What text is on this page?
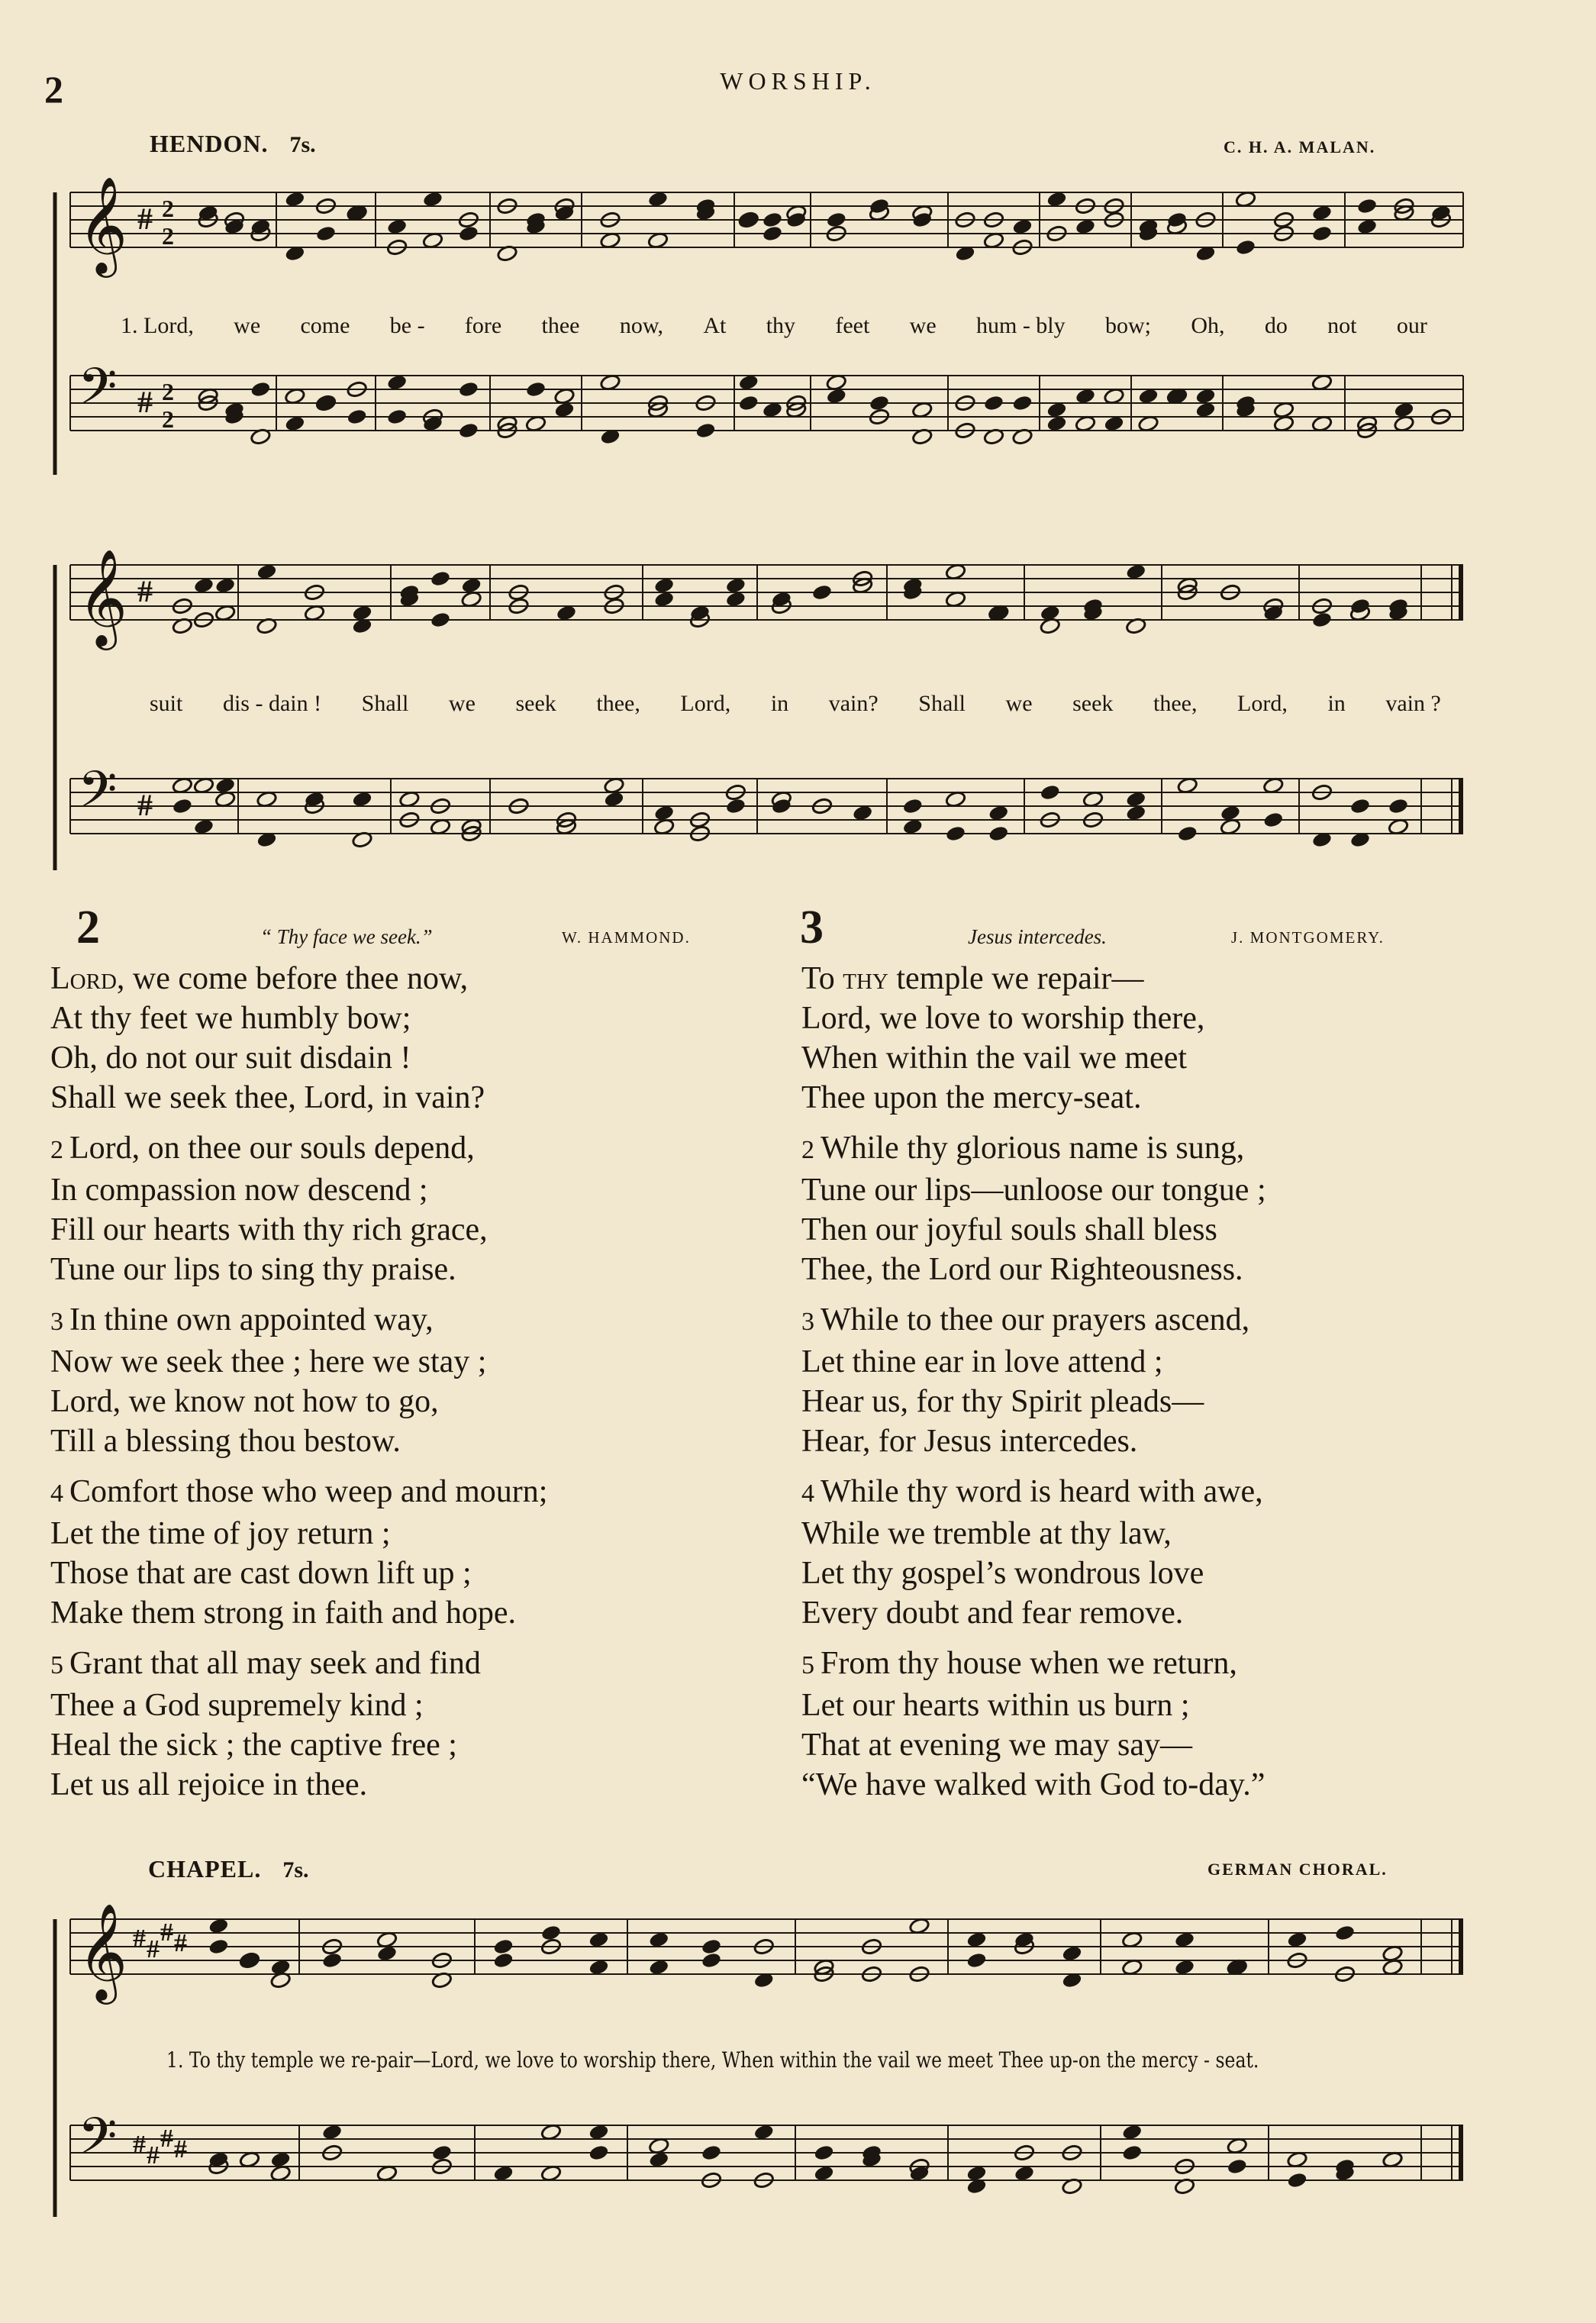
2	WORSHIP.
HENDON. 7s.	C. H. A. MALAN.
𝄞
𝄢
#
#
2
2
2
2
1. Lord, we come be - fore thee now, At thy feet we hum - bly bow; Oh, do not our
𝄞
𝄢
#
#
suit dis - dain ! Shall we seek thee, Lord, in vain? Shall we seek thee, Lord, in vain ?
2	“ Thy face we seek.”	W. HAMMOND.
Lord, we come before thee now,
At thy feet we humbly bow;
Oh, do not our suit disdain !
Shall we seek thee, Lord, in vain?
2 Lord, on thee our souls depend,
In compassion now descend ;
Fill our hearts with thy rich grace,
Tune our lips to sing thy praise.
3 In thine own appointed way,
Now we seek thee ; here we stay ;
Lord, we know not how to go,
Till a blessing thou bestow.
4 Comfort those who weep and mourn;
Let the time of joy return ;
Those that are cast down lift up ;
Make them strong in faith and hope.
5 Grant that all may seek and find
Thee a God supremely kind ;
Heal the sick ; the captive free ;
Let us all rejoice in thee.
3	Jesus intercedes.	J. MONTGOMERY.
To thy temple we repair—
Lord, we love to worship there,
When within the vail we meet
Thee upon the mercy-seat.
2 While thy glorious name is sung,
Tune our lips—unloose our tongue ;
Then our joyful souls shall bless
Thee, the Lord our Righteousness.
3 While to thee our prayers ascend,
Let thine ear in love attend ;
Hear us, for thy Spirit pleads—
Hear, for Jesus intercedes.
4 While thy word is heard with awe,
While we tremble at thy law,
Let thy gospel’s wondrous love
Every doubt and fear remove.
5 From thy house when we return,
Let our hearts within us burn ;
That at evening we may say—
“We have walked with God to-day.”
CHAPEL. 7s.	GERMAN CHORAL.
𝄞
𝄢
# #
# #
# #
# #
1. To thy temple we re-pair—Lord, we love to worship there, When within the vail we meet Thee up-on the mercy - seat.
